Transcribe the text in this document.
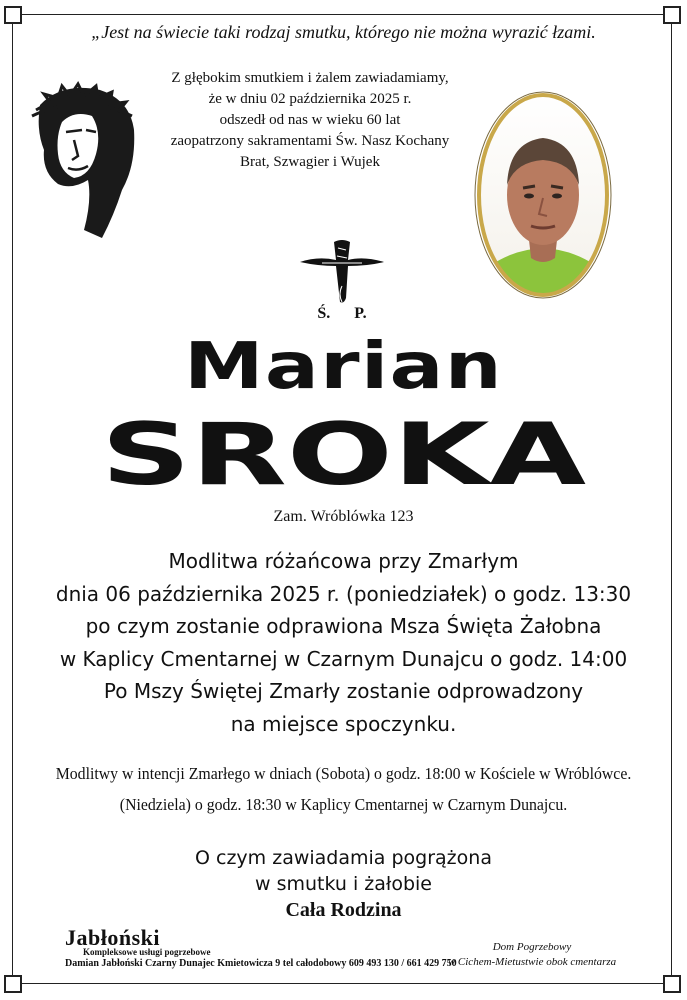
„Jest na świecie taki rodzaj smutku, którego nie można wyrazić łzami.
Z głębokim smutkiem i żalem zawiadamiamy,
że w dniu 02 października 2025 r.
odszedł od nas w wieku 60 lat
zaopatrzony sakramentami Św. Nasz Kochany
Brat, Szwagier i Wujek
Ś.      P.
Marian
SROKA
Zam. Wróblówka 123
Modlitwa różańcowa przy Zmarłym
dnia 06 października 2025 r. (poniedziałek) o godz. 13:30
po czym zostanie odprawiona Msza Święta Żałobna
w Kaplicy Cmentarnej w Czarnym Dunajcu o godz. 14:00
Po Mszy Świętej Zmarły zostanie odprowadzony
na miejsce spoczynku.
Modlitwy w intencji Zmarłego w dniach (Sobota) o godz. 18:00 w Kościele w Wróblówce.
(Niedziela) o godz. 18:30 w Kaplicy Cmentarnej w Czarnym Dunajcu.
O czym zawiadamia pogrążona
w smutku i żałobie
Cała Rodzina
Jabłoński
Kompleksowe usługi pogrzebowe
Damian Jabłoński Czarny Dunajec Kmietowicza 9 tel całodobowy 609 493 130 / 661 429 750
Dom Pogrzebowy
w Cichem-Mietustwie obok cmentarza
